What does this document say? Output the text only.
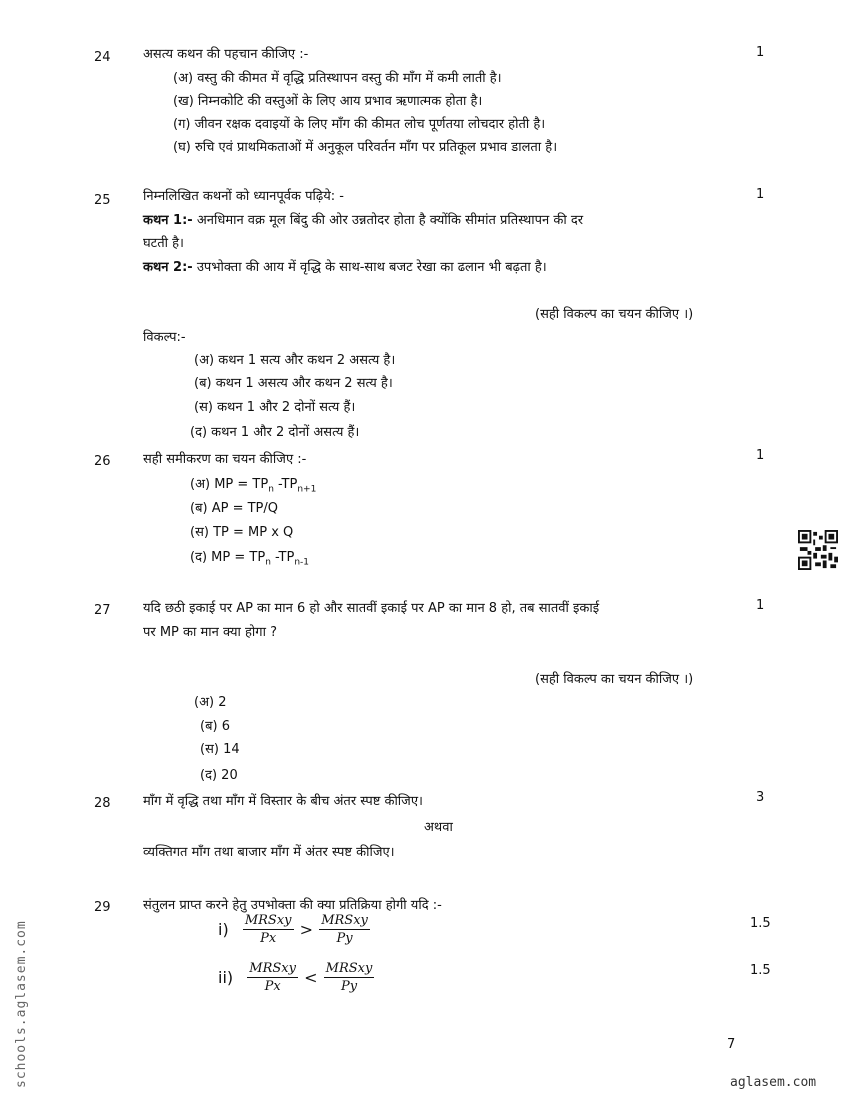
24	1
असत्य कथन की पहचान कीजिए :-
(अ) वस्तु की कीमत में वृद्धि प्रतिस्थापन वस्तु की माँग में कमी लाती है।
(ख) निम्नकोटि की वस्तुओं के लिए आय प्रभाव ऋणात्मक होता है।
(ग) जीवन रक्षक दवाइयों के लिए माँग की कीमत लोच पूर्णतया लोचदार होती है।
(घ) रुचि एवं प्राथमिकताओं में अनुकूल परिवर्तन माँग पर प्रतिकूल प्रभाव डालता है।
25	1
निम्नलिखित कथनों को ध्यानपूर्वक पढ़िये: -
कथन 1:- अनधिमान वक्र मूल बिंदु की ओर उन्नतोदर होता है क्योंकि सीमांत प्रतिस्थापन की दर
घटती है।
कथन 2:- उपभोक्ता की आय में वृद्धि के साथ-साथ बजट रेखा का ढलान भी बढ़ता है।
(सही विकल्प का चयन कीजिए ।)
विकल्प:-
(अ) कथन 1 सत्य और कथन 2 असत्य है।
(ब) कथन 1 असत्य और कथन 2 सत्य है।
(स) कथन 1 और 2 दोनों सत्य हैं।
(द) कथन 1 और 2 दोनों असत्य हैं।
26	1
सही समीकरण का चयन कीजिए :-
(अ) MP = $TP_n$ $-TP_{n+1}$
(ब) AP = TP/Q
(स) TP = MP x Q
(द) MP = $TP_n$ $-TP_{n-1}$
27	1
यदि छठी इकाई पर AP का मान 6 हो और सातवीं इकाई पर AP का मान 8 हो, तब सातवीं इकाई
पर MP का मान क्या होगा ?
(सही विकल्प का चयन कीजिए ।)
(अ) 2
(ब) 6
(स) 14
(द) 20
28	3
माँग में वृद्धि तथा माँग में विस्तार के बीच अंतर स्पष्ट कीजिए।
अथवा
व्यक्तिगत माँग तथा बाजार माँग में अंतर स्पष्ट कीजिए।
29 संतुलन प्राप्त करने हेतु उपभोक्ता की क्या प्रतिक्रिया होगी यदि :-
$i) \frac{\text{MRSxy}}{Px} > \frac{\text{MRSxy}}{Py}$	1.5
$ii) \frac{\text{MRSxy}}{Px} < \frac{\text{MRSxy}}{Py}$	1.5
7
schools.aglasem.com	aglasem.com
